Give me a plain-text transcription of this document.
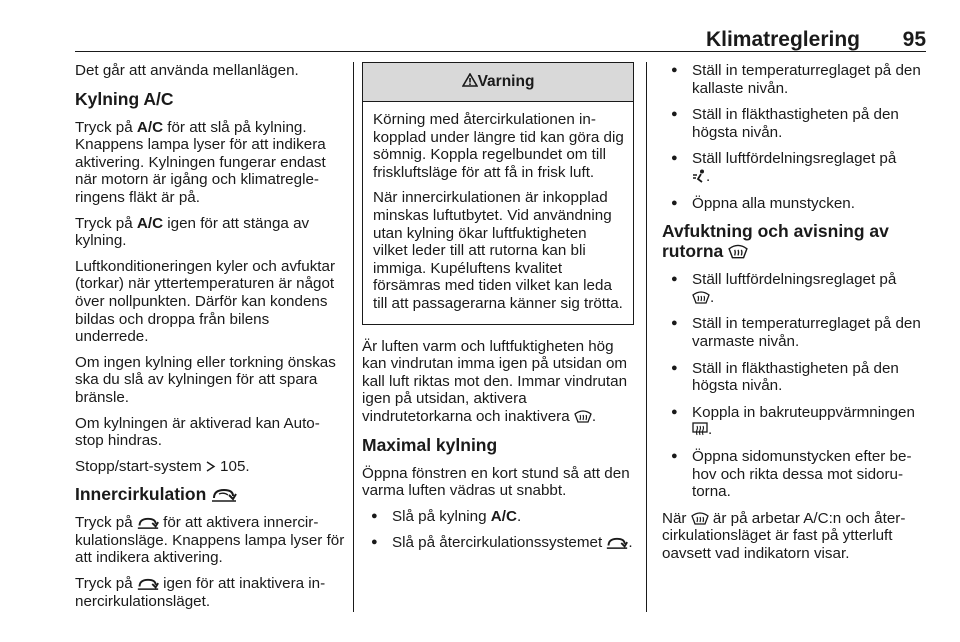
Klimatreglering 95

Det går att använda mellanlägen.

Kylning A/C

Tryck på A/C för att slå på kylning. Knappens lampa lyser för att indikera aktivering. Kylningen fungerar endast när motorn är igång och klimatregleringens fläkt är på.

Tryck på A/C igen för att stänga av kylning.

Luftkonditioneringen kyler och avfuktar (torkar) när yttertemperaturen är något över nollpunkten. Därför kan kondens bildas och droppa från bilens underrede.

Om ingen kylning eller torkning önskas ska du slå av kylningen för att spara bränsle.

Om kylningen är aktiverad kan Auto-stop hindras.

Stopp/start-system  105.

Innercirkulation

Tryck på
för att aktivera innercirkulationsläge. Knappens lampa lyser för att indikera aktivering.

Tryck på
igen för att inaktivera innercirkulationsläget.

Varning

Körning med återcirkulationen inkopplad under längre tid kan göra dig sömnig. Koppla regelbundet om till friskluftsläge för att få in frisk luft.

När innercirkulationen är inkopplad minskas luftutbytet. Vid användning utan kylning ökar luftfuktigheten vilket leder till att rutorna kan bli immiga. Kupéluftens kvalitet försämras med tiden vilket kan leda till att passagerarna känner sig trötta.

Är luften varm och luftfuktigheten hög kan vindrutan imma igen på utsidan om kall luft riktas mot den. Immar vindrutan igen på utsidan, aktivera vindrutetorkarna och inaktivera
.

Maximal kylning

Öppna fönstren en kort stund så att den varma luften vädras ut snabbt.

● Slå på kylning A/C.
● Slå på återcirkulationssystemet
.
● Ställ in temperaturreglaget på den kallaste nivån.
● Ställ in fläkthastigheten på den högsta nivån.
● Ställ luftfördelningsreglaget på

.
● Öppna alla munstycken.
Avfuktning och avisning av rutorna
● Ställ luftfördelningsreglaget på

.
● Ställ in temperaturreglaget på den varmaste nivån.
● Ställ in fläkthastigheten på den högsta nivån.
● Koppla in bakruteuppvärmningen
.
● Öppna sidomunstycken efter behov och rikta dessa mot sidorutorna.

När
är på arbetar A/C:n och återcirkulationsläget är fast på ytterluft oavsett vad indikatorn visar.
